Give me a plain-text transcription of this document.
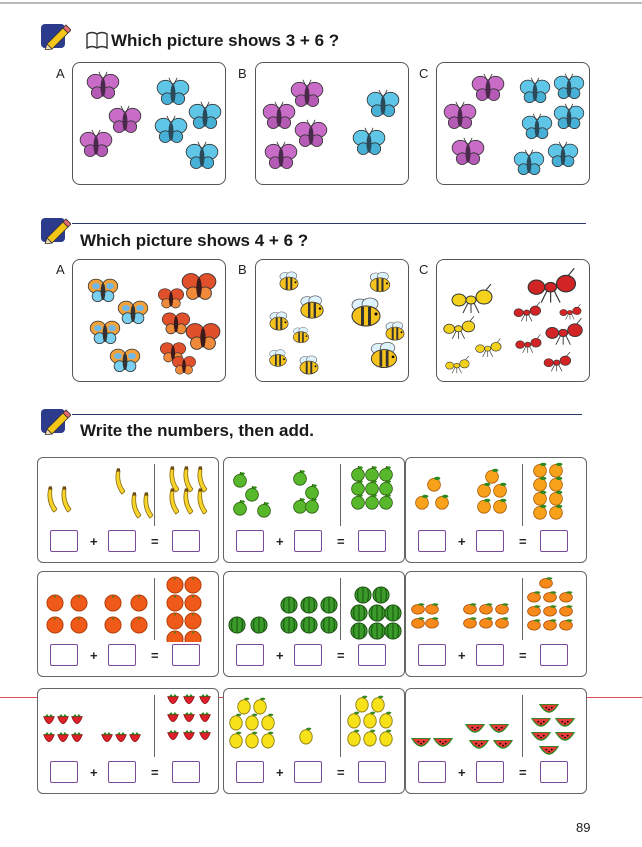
Which picture shows 3 + 6 ?
A	B	C
Which picture shows 4 + 6 ?
A	B	C
Write the numbers, then add.
+	=	+	=	+	=
+	=	+	=	+	=
+	=	+	=	+	=
89
